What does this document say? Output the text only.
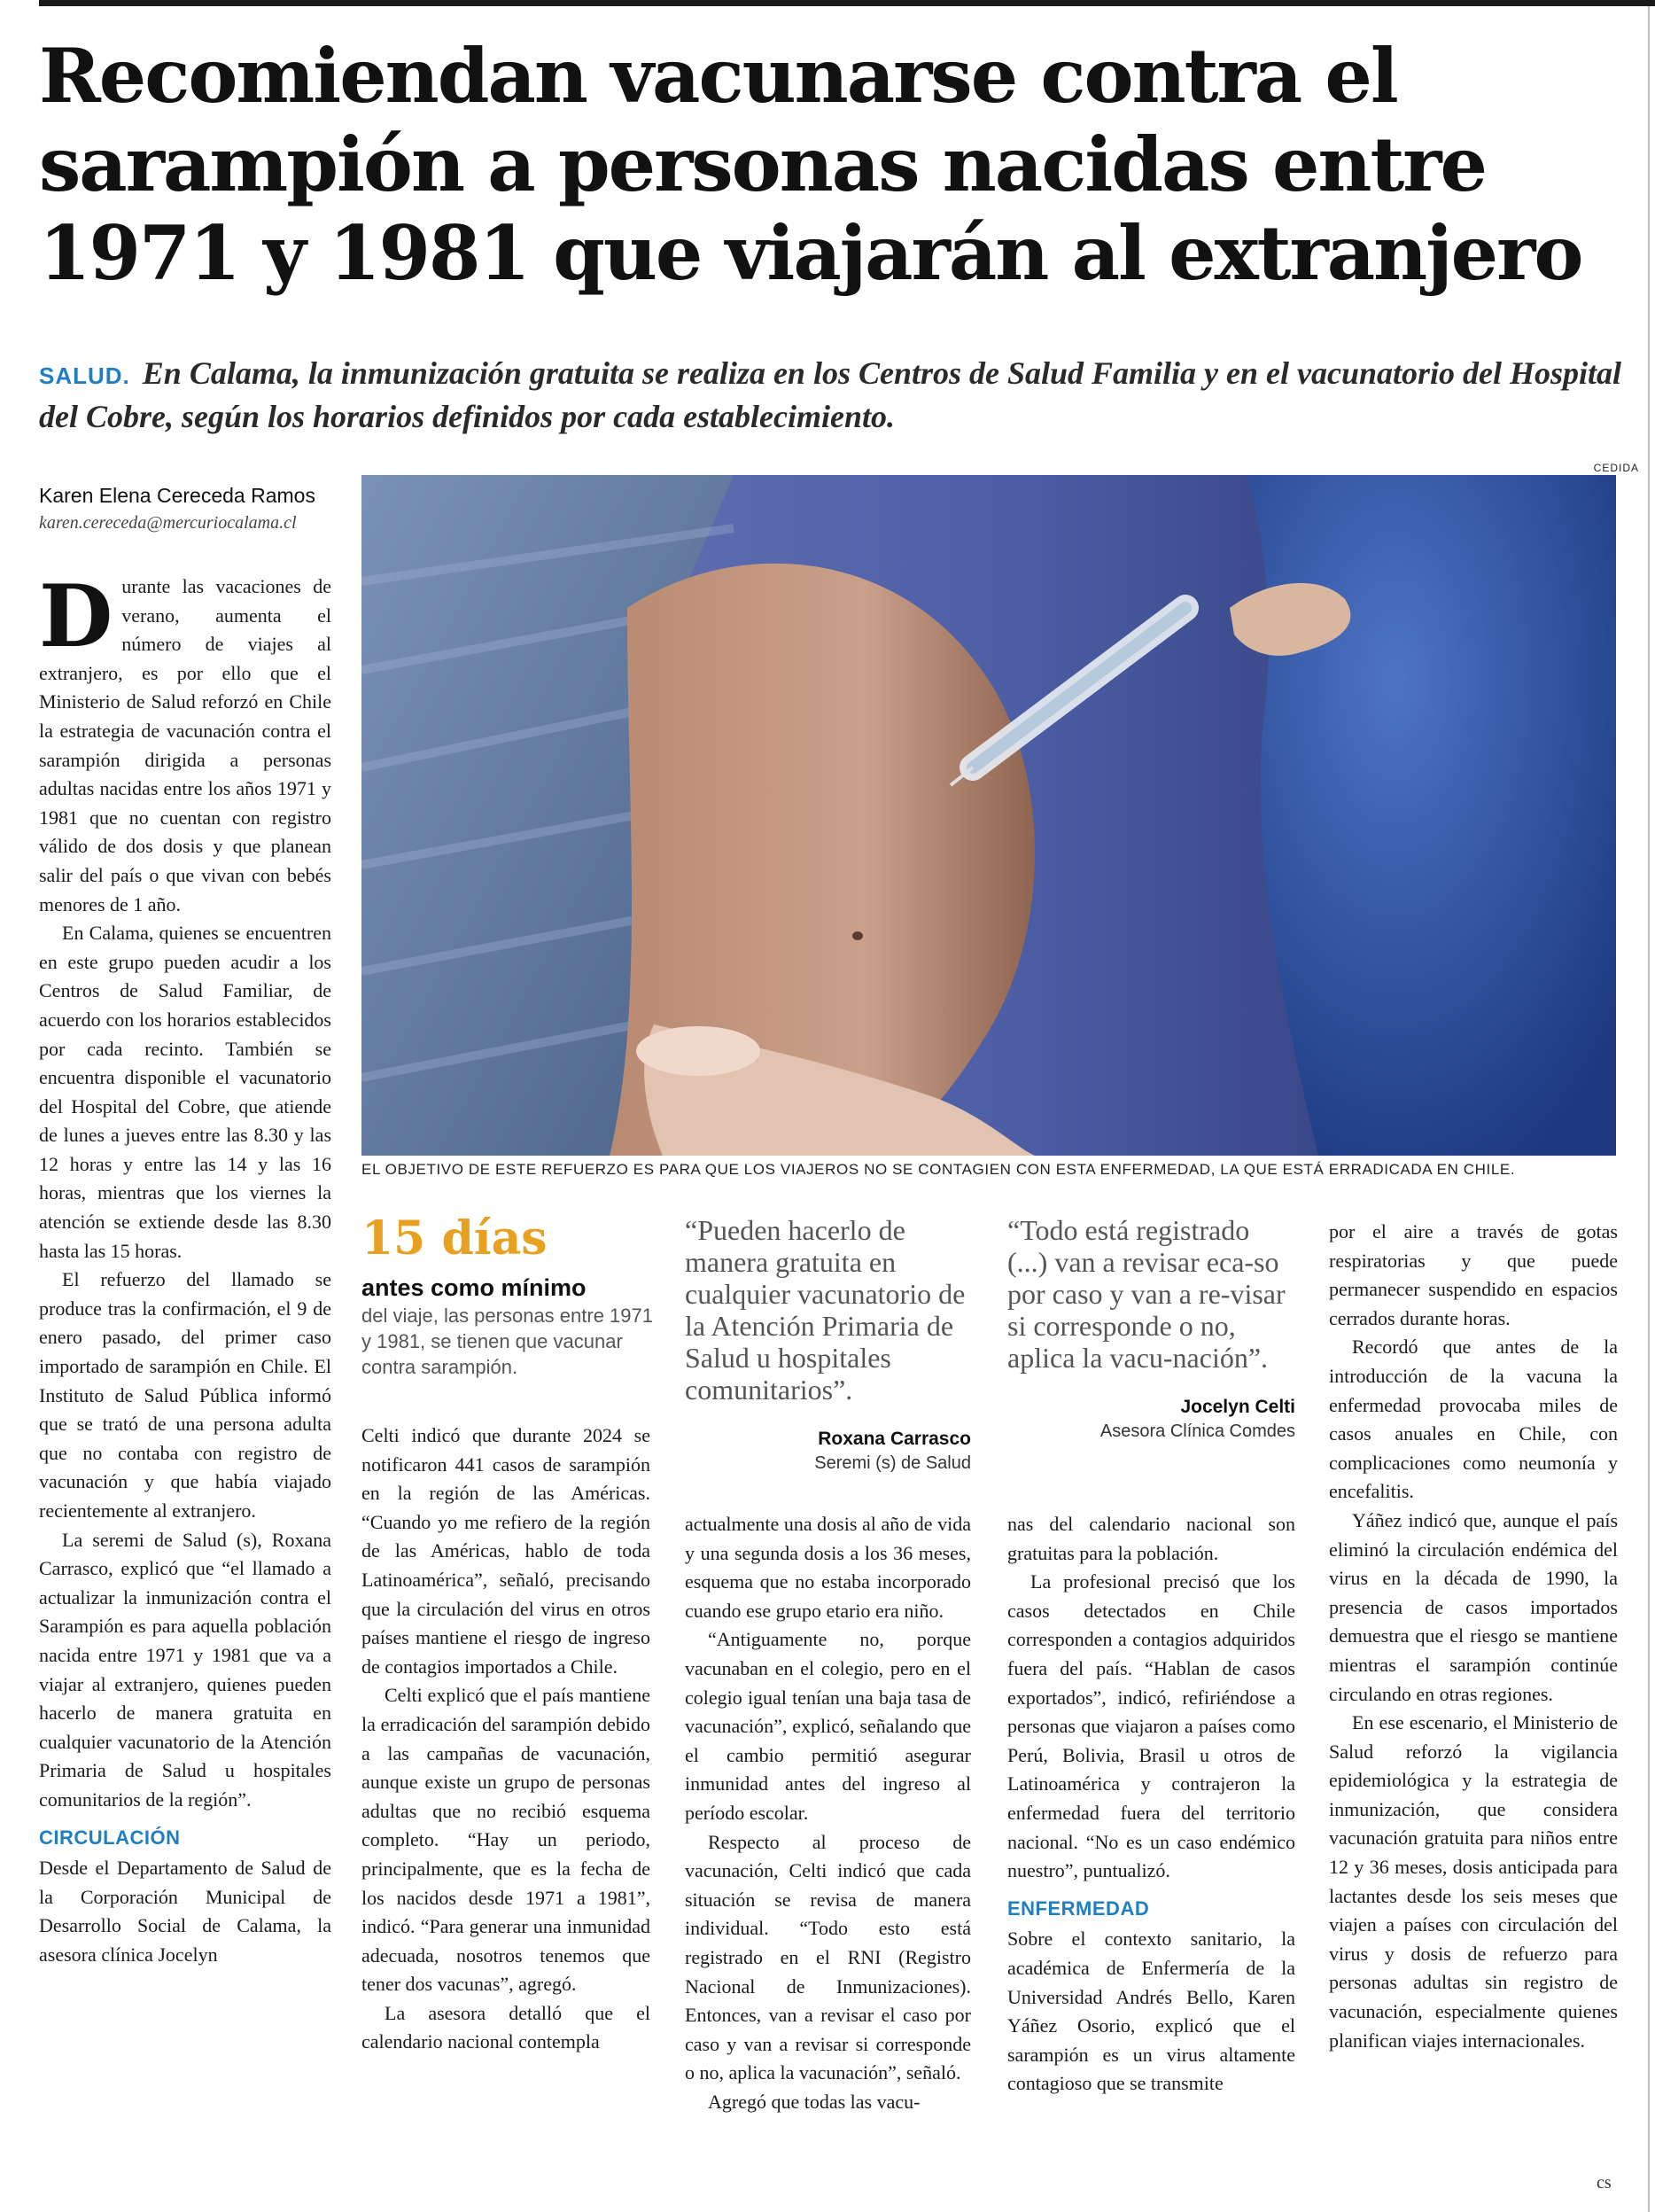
Recomiendan vacunarse contra el
sarampión a personas nacidas entre
1971 y 1981 que viajarán al extranjero

SALUD. En Calama, la inmunización gratuita se realiza en los Centros de Salud Familia y en el vacunatorio del Hospital del Cobre, según los horarios definidos por cada establecimiento.

Karen Elena Cereceda Ramos
karen.cereceda@mercuriocalama.cl
CEDIDA
EL OBJETIVO DE ESTE REFUERZO ES PARA QUE LOS VIAJEROS NO SE CONTAGIEN CON ESTA ENFERMEDAD, LA QUE ESTÁ ERRADICADA EN CHILE.

Durante las vacaciones de verano, aumenta el número de viajes al extranjero, es por ello que el Ministerio de Salud reforzó en Chile la estrategia de vacunación contra el sarampión dirigida a personas adultas nacidas entre los años 1971 y 1981 que no cuentan con registro válido de dos dosis y que planean salir del país o que vivan con bebés menores de 1 año.

En Calama, quienes se encuentren en este grupo pueden acudir a los Centros de Salud Familiar, de acuerdo con los horarios establecidos por cada recinto. También se encuentra disponible el vacunatorio del Hospital del Cobre, que atiende de lunes a jueves entre las 8.30 y las 12 horas y entre las 14 y las 16 horas, mientras que los viernes la atención se extiende desde las 8.30 hasta las 15 horas.

El refuerzo del llamado se produce tras la confirmación, el 9 de enero pasado, del primer caso importado de sarampión en Chile. El Instituto de Salud Pública informó que se trató de una persona adulta que no contaba con registro de vacunación y que había viajado recientemente al extranjero.

La seremi de Salud (s), Roxana Carrasco, explicó que “el llamado a actualizar la inmunización contra el Sarampión es para aquella población nacida entre 1971 y 1981 que va a viajar al extranjero, quienes pueden hacerlo de manera gratuita en cualquier vacunatorio de la Atención Primaria de Salud u hospitales comunitarios de la región”.

CIRCULACIÓN

Desde el Departamento de Salud de la Corporación Municipal de Desarrollo Social de Calama, la asesora clínica Jocelyn

15 días
antes como mínimo
del viaje, las personas entre 1971 y 1981, se tienen que vacunar contra sarampión.

Celti indicó que durante 2024 se notificaron 441 casos de sarampión en la región de las Américas. “Cuando yo me refiero de la región de las Américas, hablo de toda Latinoamérica”, señaló, precisando que la circulación del virus en otros países mantiene el riesgo de ingreso de contagios importados a Chile.

Celti explicó que el país mantiene la erradicación del sarampión debido a las campañas de vacunación, aunque existe un grupo de personas adultas que no recibió esquema completo. “Hay un periodo, principalmente, que es la fecha de los nacidos desde 1971 a 1981”, indicó. “Para generar una inmunidad adecuada, nosotros tenemos que tener dos vacunas”, agregó.

La asesora detalló que el calendario nacional contempla

“Pueden hacerlo de manera gratuita en cualquier vacunatorio de la Atención Primaria de Salud u hospitales comunitarios”.

Roxana Carrasco
Seremi (s) de Salud

actualmente una dosis al año de vida y una segunda dosis a los 36 meses, esquema que no estaba incorporado cuando ese grupo etario era niño.

“Antiguamente no, porque vacunaban en el colegio, pero en el colegio igual tenían una baja tasa de vacunación”, explicó, señalando que el cambio permitió asegurar inmunidad antes del ingreso al período escolar.

Respecto al proceso de vacunación, Celti indicó que cada situación se revisa de manera individual. “Todo esto está registrado en el RNI (Registro Nacional de Inmunizaciones). Entonces, van a revisar el caso por caso y van a revisar si corresponde o no, aplica la vacunación”, señaló.

Agregó que todas las vacu-

“Todo está registrado (...) van a revisar eca-so por caso y van a re-visar si corresponde o no, aplica la vacu-nación”.

Jocelyn Celti
Asesora Clínica Comdes

nas del calendario nacional son gratuitas para la población.

La profesional precisó que los casos detectados en Chile corresponden a contagios adquiridos fuera del país. “Hablan de casos exportados”, indicó, refiriéndose a personas que viajaron a países como Perú, Bolivia, Brasil u otros de Latinoamérica y contrajeron la enfermedad fuera del territorio nacional. “No es un caso endémico nuestro”, puntualizó.

ENFERMEDAD

Sobre el contexto sanitario, la académica de Enfermería de la Universidad Andrés Bello, Karen Yáñez Osorio, explicó que el sarampión es un virus altamente contagioso que se transmite

por el aire a través de gotas respiratorias y que puede permanecer suspendido en espacios cerrados durante horas.

Recordó que antes de la introducción de la vacuna la enfermedad provocaba miles de casos anuales en Chile, con complicaciones como neumonía y encefalitis.

Yáñez indicó que, aunque el país eliminó la circulación endémica del virus en la década de 1990, la presencia de casos importados demuestra que el riesgo se mantiene mientras el sarampión continúe circulando en otras regiones.

En ese escenario, el Ministerio de Salud reforzó la vigilancia epidemiológica y la estrategia de inmunización, que considera vacunación gratuita para niños entre 12 y 36 meses, dosis anticipada para lactantes desde los seis meses que viajen a países con circulación del virus y dosis de refuerzo para personas adultas sin registro de vacunación, especialmente quienes planifican viajes internacionales.

cs
